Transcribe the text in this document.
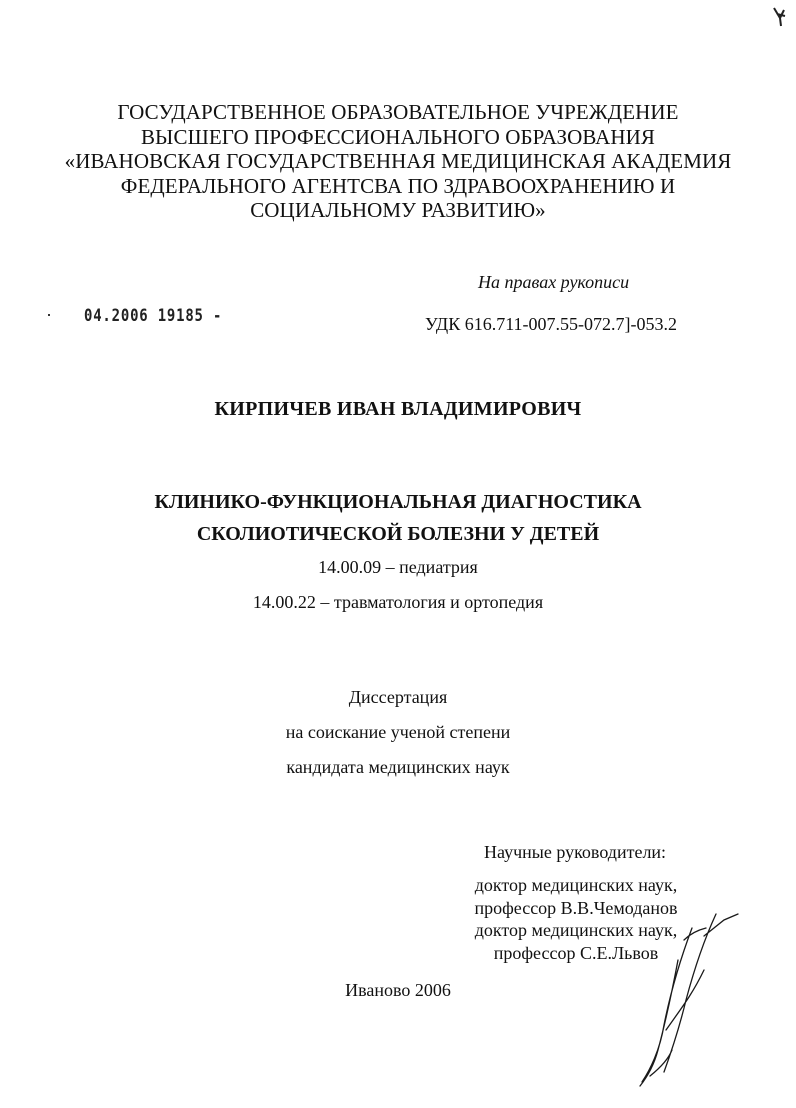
ГОСУДАРСТВЕННОЕ ОБРАЗОВАТЕЛЬНОЕ УЧРЕЖДЕНИЕ
ВЫСШЕГО ПРОФЕССИОНАЛЬНОГО ОБРАЗОВАНИЯ
«ИВАНОВСКАЯ ГОСУДАРСТВЕННАЯ МЕДИЦИНСКАЯ АКАДЕМИЯ
ФЕДЕРАЛЬНОГО АГЕНТСВА ПО ЗДРАВООХРАНЕНИЮ И
СОЦИАЛЬНОМУ РАЗВИТИЮ»
На правах рукописи
04.2006 19185 -	УДК 616.711-007.55-072.7]-053.2
КИРПИЧЕВ ИВАН ВЛАДИМИРОВИЧ
КЛИНИКО-ФУНКЦИОНАЛЬНАЯ ДИАГНОСТИКА
СКОЛИОТИЧЕСКОЙ БОЛЕЗНИ У ДЕТЕЙ
14.00.09 – педиатрия
14.00.22 – травматология и ортопедия
Диссертация
на соискание ученой степени
кандидата медицинских наук
Научные руководители:
доктор медицинских наук,
профессор В.В.Чемоданов
доктор медицинских наук,
профессор С.Е.Львов
Иваново 2006
